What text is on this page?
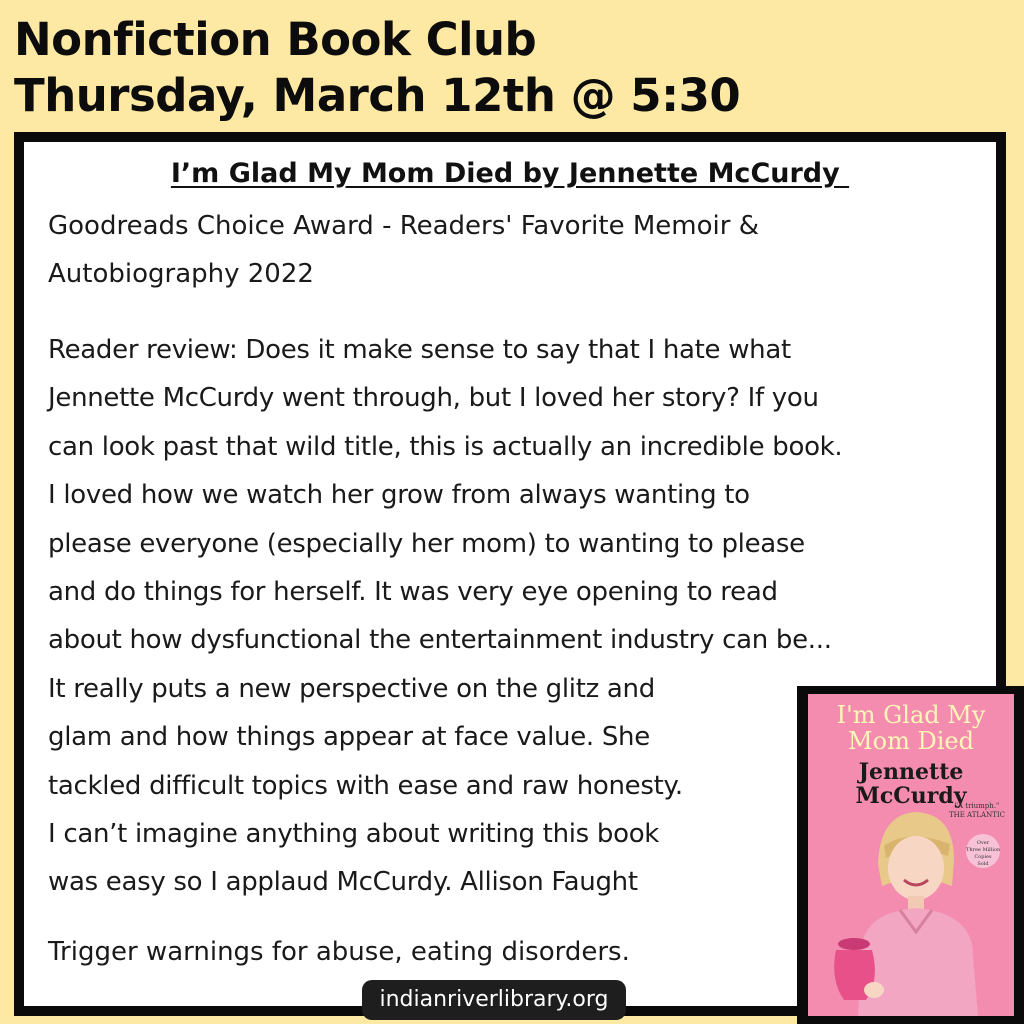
Nonfiction Book Club
Thursday, March 12th @ 5:30
I’m Glad My Mom Died by Jennette McCurdy
Goodreads Choice Award - Readers' Favorite Memoir & Autobiography 2022
Reader review: Does it make sense to say that I hate what
Jennette McCurdy went through, but I loved her story? If you
can look past that wild title, this is actually an incredible book.
I loved how we watch her grow from always wanting to
please everyone (especially her mom) to wanting to please
and do things for herself. It was very eye opening to read
about how dysfunctional the entertainment industry can be...
It really puts a new perspective on the glitz and
glam and how things appear at face value. She
tackled difficult topics with ease and raw honesty.
I can’t imagine anything about writing this book
was easy so I applaud McCurdy. Allison Faught
Trigger warnings for abuse, eating disorders.
I'm Glad My
Mom Died
Jennette
McCurdy
"A triumph."
THE ATLANTIC
Over
Three Million
Copies
Sold
indianriverlibrary.org
